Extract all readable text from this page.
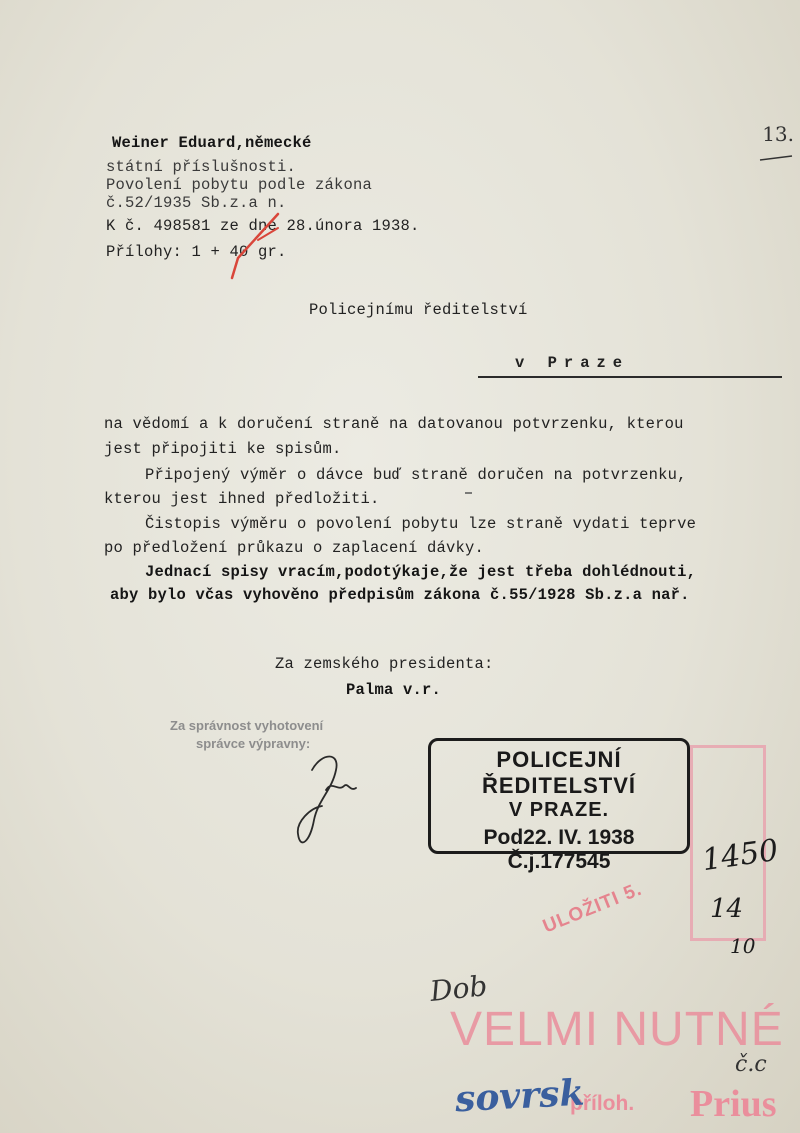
13.
Weiner Eduard,německé
státní příslušnosti.
Povolení pobytu podle zákona
č.52/1935 Sb.z.a n.
K č. 498581 ze dne 28.února 1938.
Přílohy: 1 + 40 gr.
Policejnímu ředitelství
v Praze
na vědomí a k doručení straně na datovanou potvrzenku, kterou
jest připojiti ke spisům.
Připojený výměr o dávce buď straně doručen na potvrzenku,
kterou jest ihned předložiti.
Čistopis výměru o povolení pobytu lze straně vydati teprve
po předložení průkazu o zaplacení dávky.
Jednací spisy vracím,podotýkaje,že jest třeba dohlédnouti,
aby bylo včas vyhověno předpisům zákona č.55/1928 Sb.z.a nař.
Za zemského presidenta:
Palma v.r.
Za správnost vyhotovení
správce výpravny:
POLICEJNÍ ŘEDITELSTVÍ
V PRAZE.
Pod22. IV. 1938 Č.j.177545
ULOŽITI 5.
VELMI NUTNÉ
příloh. Prius
1450
14
10
Dob
sovrsk
č.c
